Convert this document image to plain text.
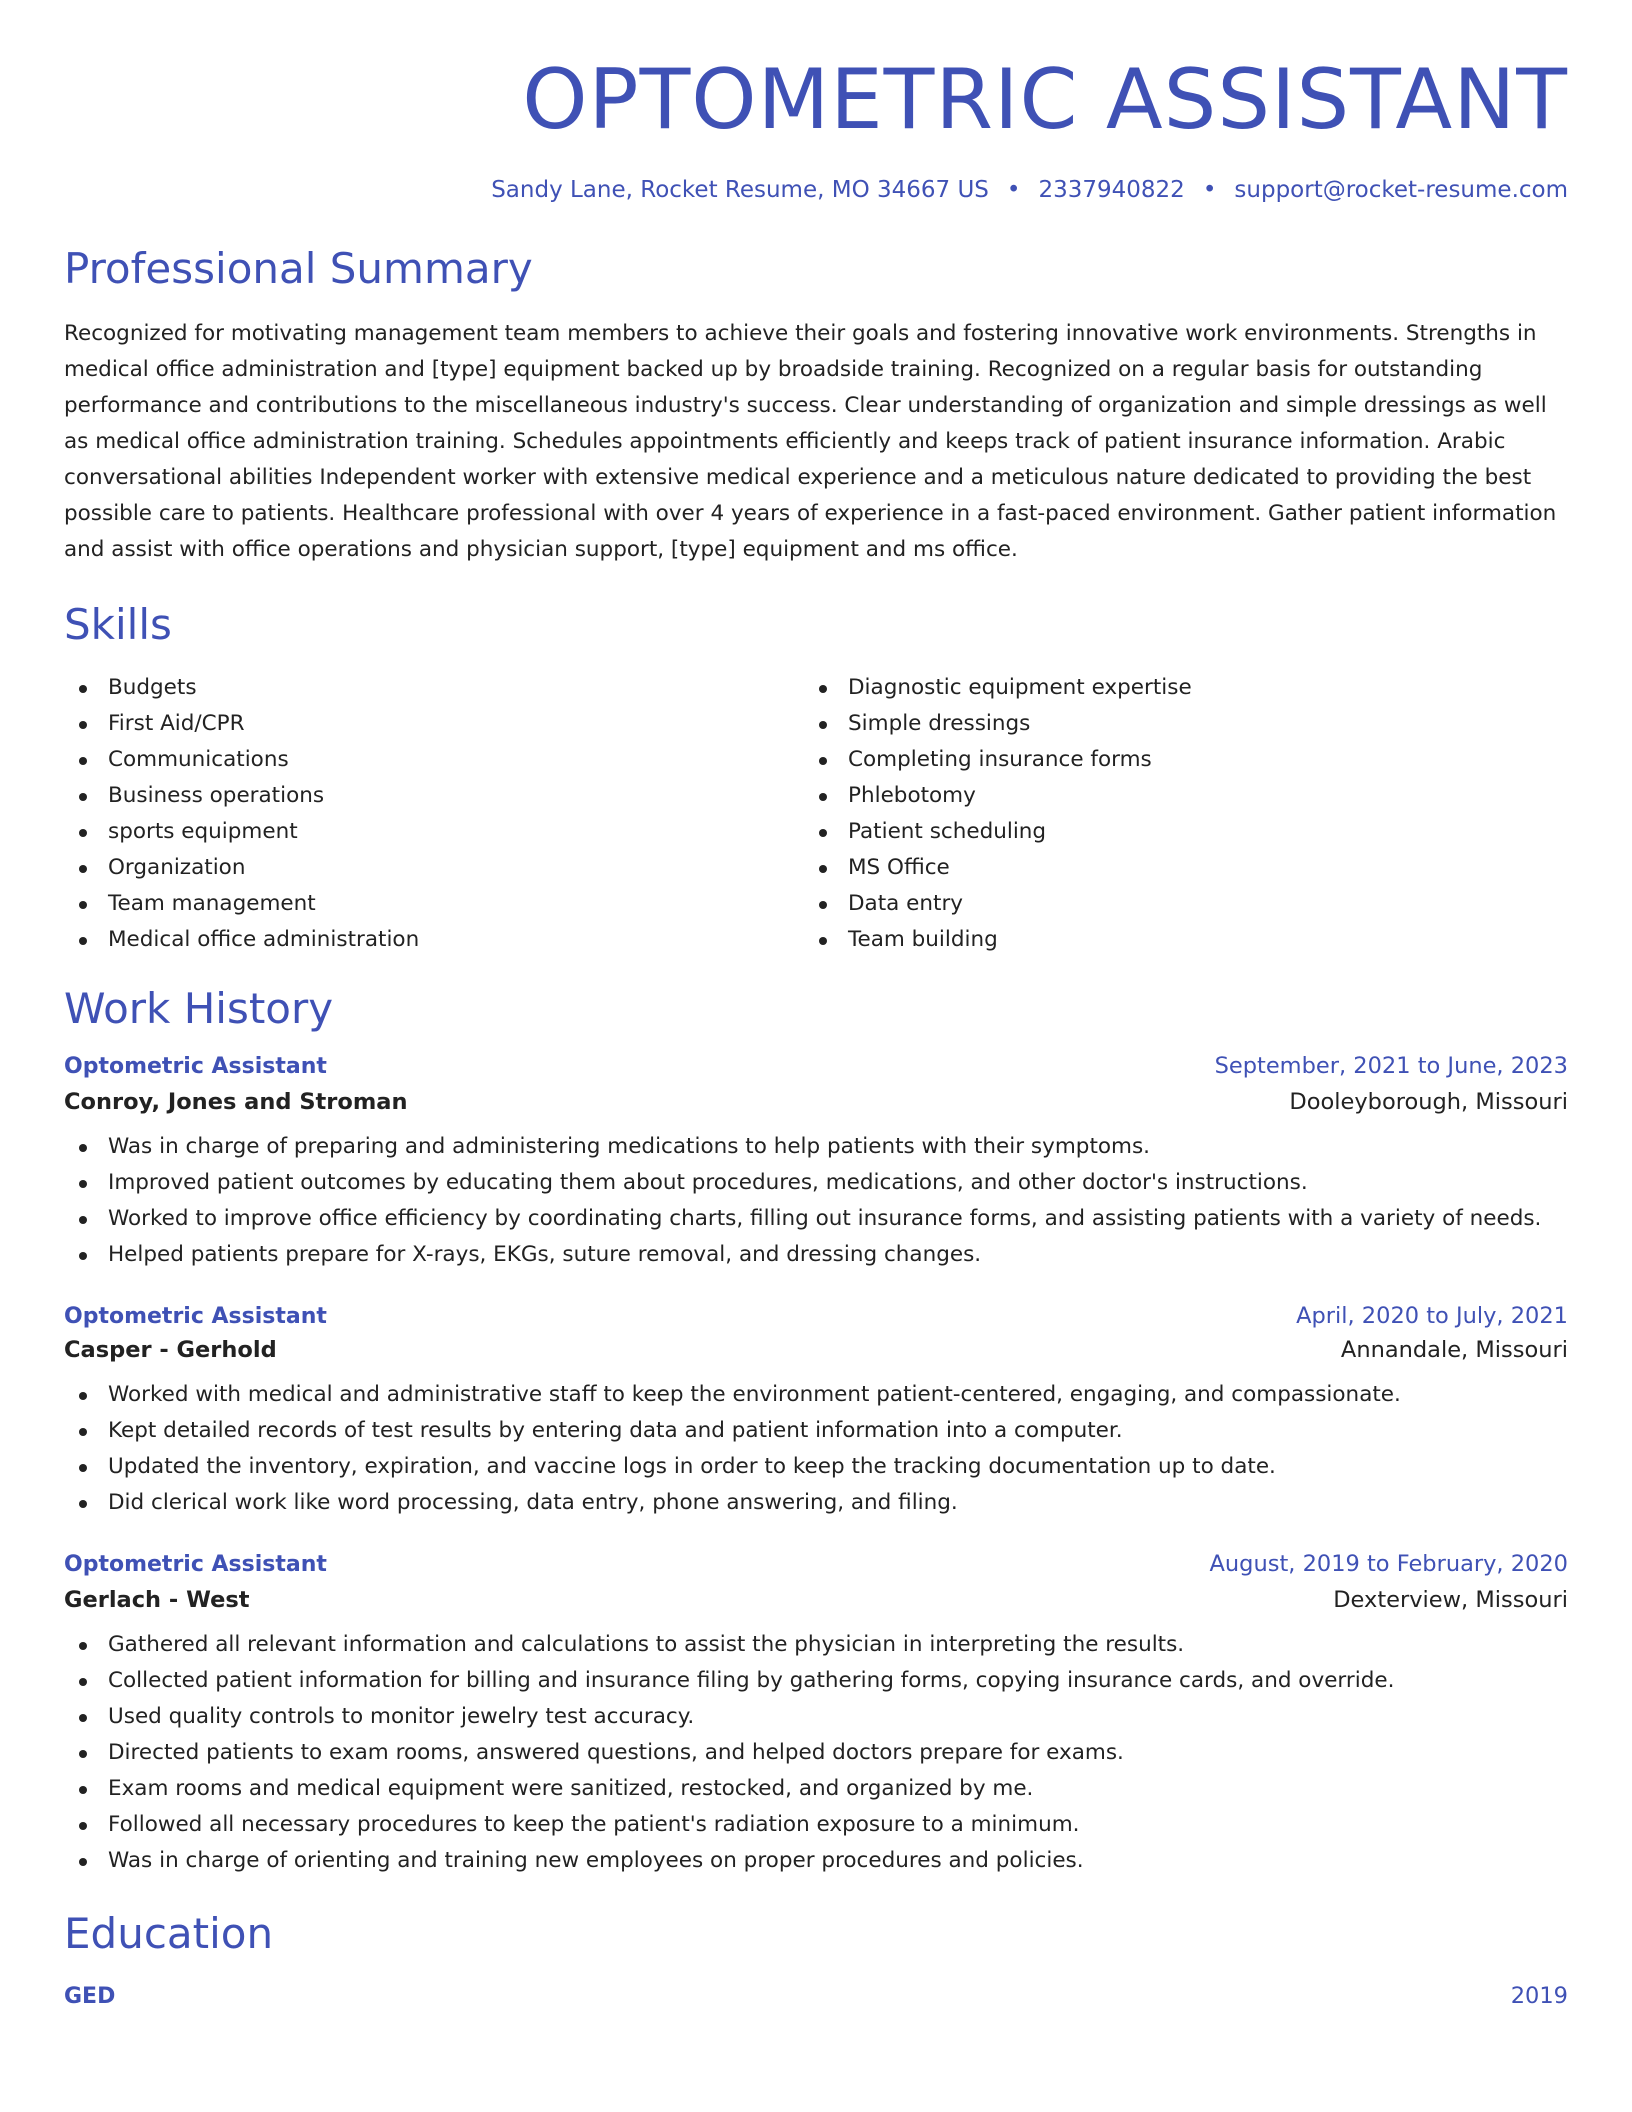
OPTOMETRIC ASSISTANT
Sandy Lane, Rocket Resume, MO 34667 US • 2337940822 • support@rocket-resume.com
Professional Summary

Recognized for motivating management team members to achieve their goals and fostering innovative work environments. Strengths in medical office administration and [type] equipment backed up by broadside training. Recognized on a regular basis for outstanding performance and contributions to the miscellaneous industry's success. Clear understanding of organization and simple dressings as well as medical office administration training. Schedules appointments efficiently and keeps track of patient insurance information. Arabic conversational abilities Independent worker with extensive medical experience and a meticulous nature dedicated to providing the best possible care to patients. Healthcare professional with over 4 years of experience in a fast-paced environment. Gather patient information and assist with office operations and physician support, [type] equipment and ms office.

Skills
Budgets
First Aid/CPR
Communications
Business operations
sports equipment
Organization
Team management
Medical office administration
Diagnostic equipment expertise
Simple dressings
Completing insurance forms
Phlebotomy
Patient scheduling
MS Office
Data entry
Team building
Work History
Optometric Assistant	September, 2021 to June, 2023
Conroy, Jones and Stroman	Dooleyborough, Missouri
Was in charge of preparing and administering medications to help patients with their symptoms.
Improved patient outcomes by educating them about procedures, medications, and other doctor's instructions.
Worked to improve office efficiency by coordinating charts, filling out insurance forms, and assisting patients with a variety of needs.
Helped patients prepare for X-rays, EKGs, suture removal, and dressing changes.
Optometric Assistant	April, 2020 to July, 2021
Casper - Gerhold	Annandale, Missouri
Worked with medical and administrative staff to keep the environment patient-centered, engaging, and compassionate.
Kept detailed records of test results by entering data and patient information into a computer.
Updated the inventory, expiration, and vaccine logs in order to keep the tracking documentation up to date.
Did clerical work like word processing, data entry, phone answering, and filing.
Optometric Assistant	August, 2019 to February, 2020
Gerlach - West	Dexterview, Missouri
Gathered all relevant information and calculations to assist the physician in interpreting the results.
Collected patient information for billing and insurance filing by gathering forms, copying insurance cards, and override.
Used quality controls to monitor jewelry test accuracy.
Directed patients to exam rooms, answered questions, and helped doctors prepare for exams.
Exam rooms and medical equipment were sanitized, restocked, and organized by me.
Followed all necessary procedures to keep the patient's radiation exposure to a minimum.
Was in charge of orienting and training new employees on proper procedures and policies.
Education
GED	2019
